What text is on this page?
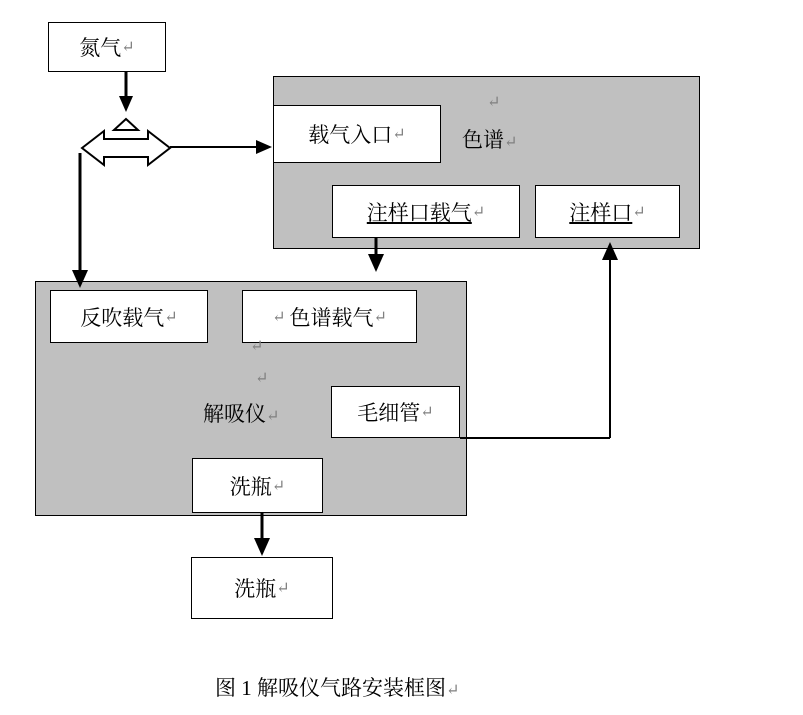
氮气 ↵
载气入口 ↵
注样口载气 ↵	注样口 ↵
反吹载气 ↵	↵ 色谱载气 ↵
毛细管 ↵
洗瓶 ↵
洗瓶 ↵
↵
色谱↵
↵
↵
解吸仪↵
图 1 解吸仪气路安装框图↵
